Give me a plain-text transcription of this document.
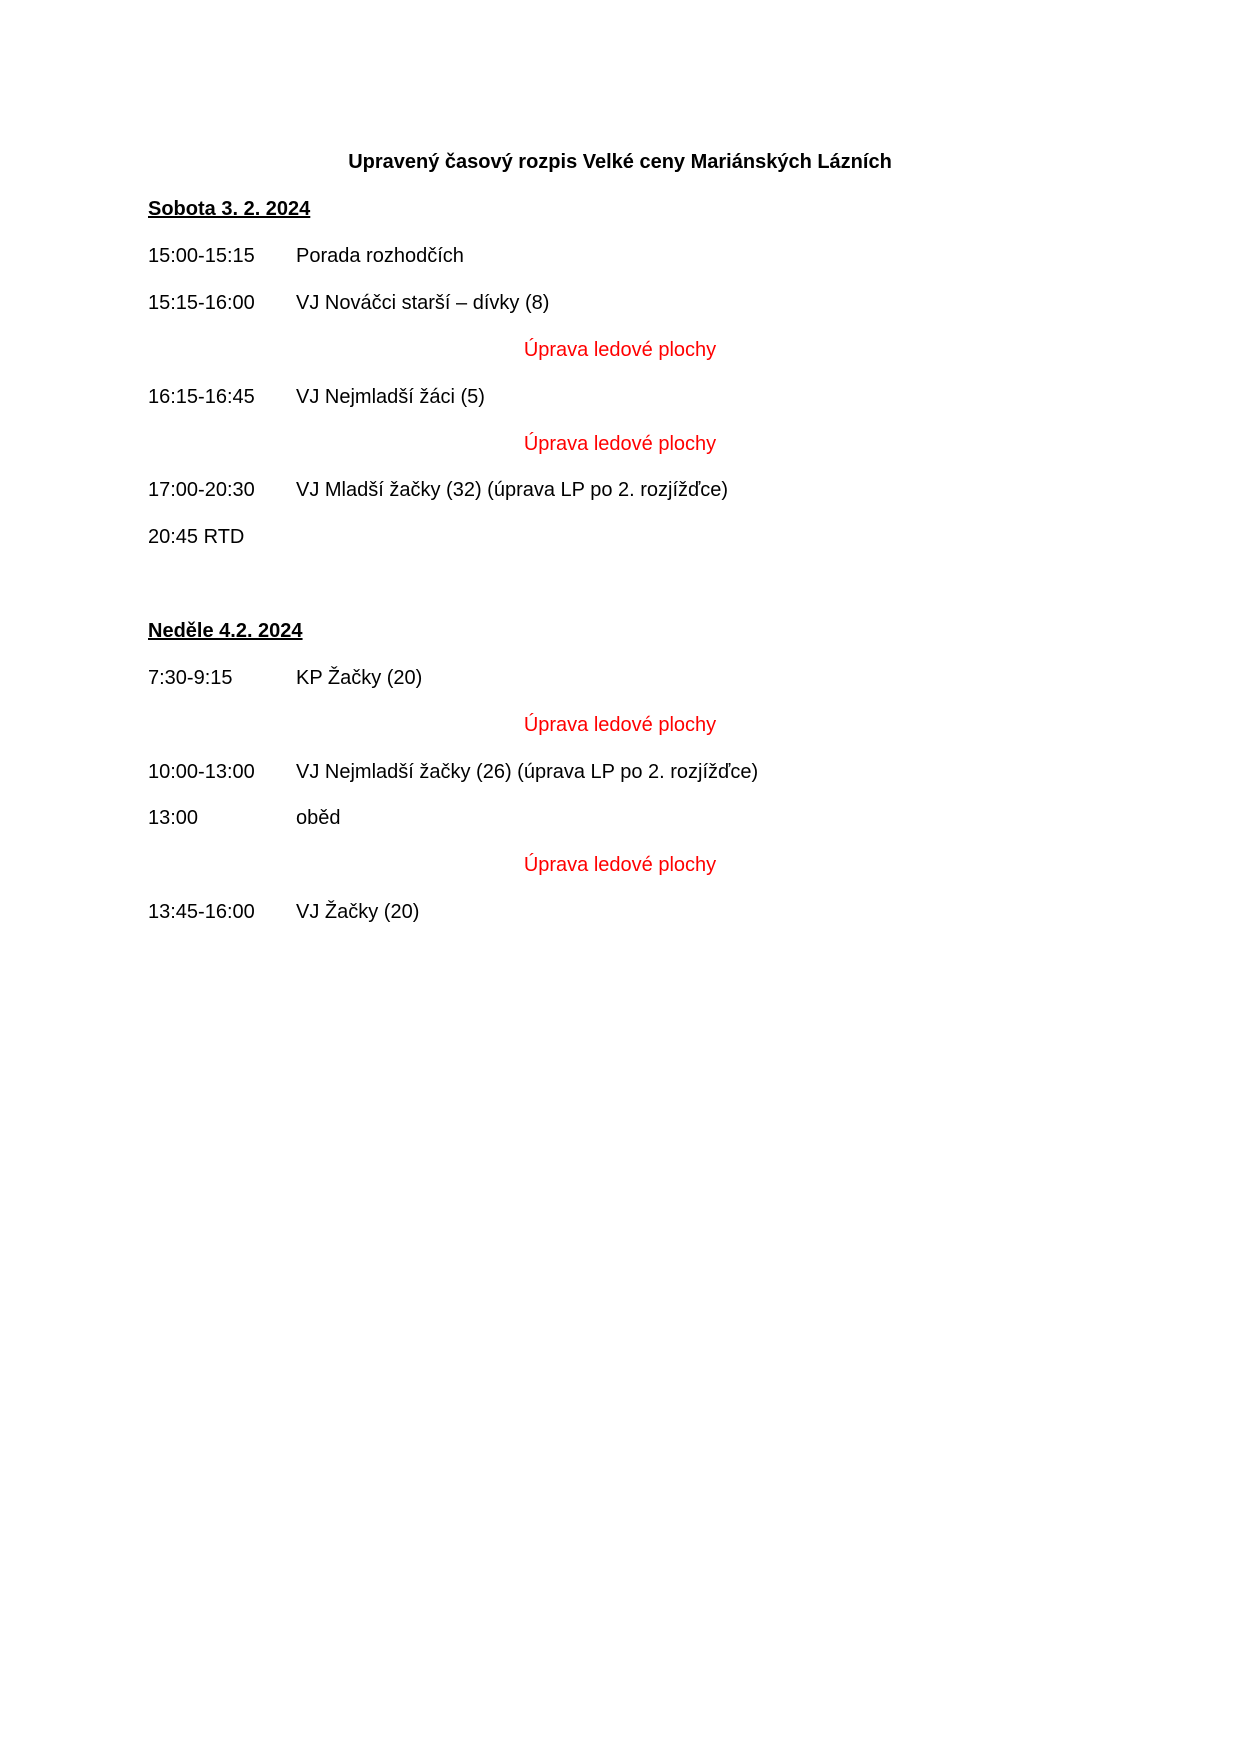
Upravený časový rozpis Velké ceny Mariánských Lázních
Sobota 3. 2. 2024
15:00-15:15 Porada rozhodčích
15:15-16:00 VJ Nováčci starší – dívky (8)
Úprava ledové plochy
16:15-16:45 VJ Nejmladší žáci (5)
Úprava ledové plochy
17:00-20:30 VJ Mladší žačky (32) (úprava LP po 2. rozjížďce)
20:45 RTD
Neděle 4.2. 2024
7:30-9:15	KP Žačky (20)
Úprava ledové plochy
10:00-13:00 VJ Nejmladší žačky (26) (úprava LP po 2. rozjížďce)
13:00	oběd
Úprava ledové plochy
13:45-16:00 VJ Žačky (20)
